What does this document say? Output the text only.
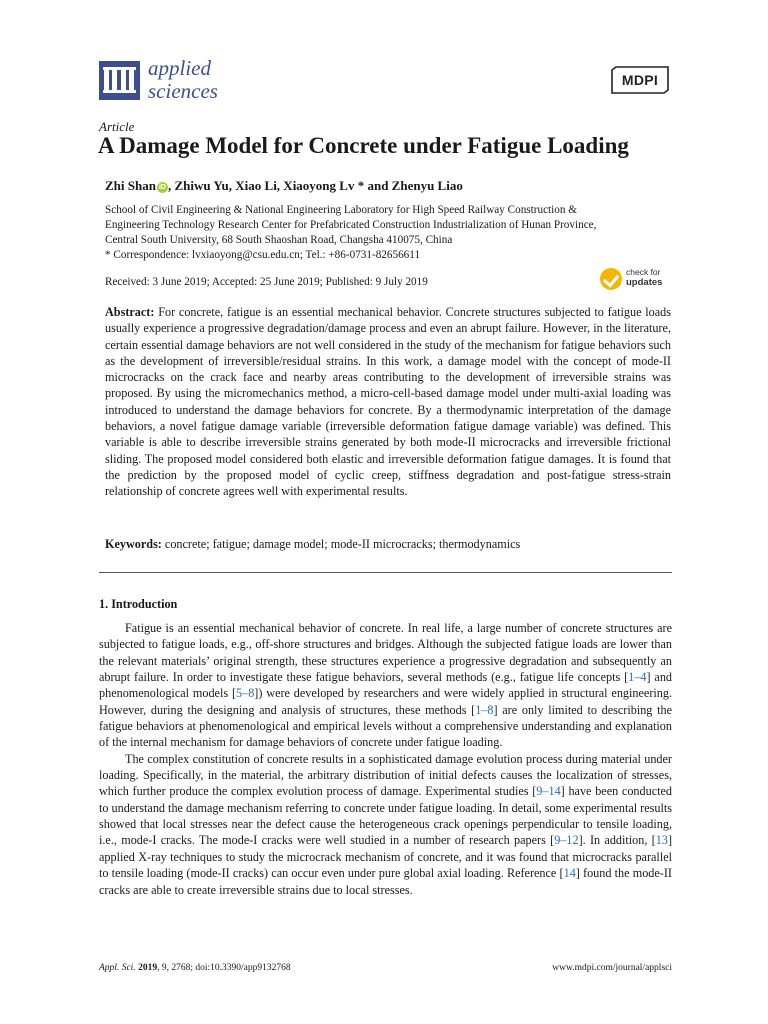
applied
sciences	MDPI
Article
A Damage Model for Concrete under Fatigue Loading
Zhi Shan iD , Zhiwu Yu, Xiao Li, Xiaoyong Lv * and Zhenyu Liao
School of Civil Engineering & National Engineering Laboratory for High Speed Railway Construction &
Engineering Technology Research Center for Prefabricated Construction Industrialization of Hunan Province,
Central South University, 68 South Shaoshan Road, Changsha 410075, China
* Correspondence: lvxiaoyong@csu.edu.cn; Tel.: +86-0731-82656611
Received: 3 June 2019; Accepted: 25 June 2019; Published: 9 July 2019
check for
updates
Abstract: For concrete, fatigue is an essential mechanical behavior. Concrete structures subjected to fatigue loads usually experience a progressive degradation/damage process and even an abrupt failure. However, in the literature, certain essential damage behaviors are not well considered in the study of the mechanism for fatigue behaviors such as the development of irreversible/residual strains. In this work, a damage model with the concept of mode-II microcracks on the crack face and nearby areas contributing to the development of irreversible strains was proposed. By using the micromechanics method, a micro-cell-based damage model under multi-axial loading was introduced to understand the damage behaviors for concrete. By a thermodynamic interpretation of the damage behaviors, a novel fatigue damage variable (irreversible deformation fatigue damage variable) was defined. This variable is able to describe irreversible strains generated by both mode-II microcracks and irreversible frictional sliding. The proposed model considered both elastic and irreversible deformation fatigue damages. It is found that the prediction by the proposed model of cyclic creep, stiffness degradation and post-fatigue stress-strain relationship of concrete agrees well with experimental results.
Keywords: concrete; fatigue; damage model; mode-II microcracks; thermodynamics
1. Introduction

Fatigue is an essential mechanical behavior of concrete. In real life, a large number of concrete structures are subjected to fatigue loads, e.g., off-shore structures and bridges. Although the subjected fatigue loads are lower than the relevant materials’ original strength, these structures experience a progressive degradation and subsequently an abrupt failure. In order to investigate these fatigue behaviors, several methods (e.g., fatigue life concepts [1–4] and phenomenological models [5–8]) were developed by researchers and were widely applied in structural engineering. However, during the designing and analysis of structures, these methods [1–8] are only limited to describing the fatigue behaviors at phenomenological and empirical levels without a comprehensive understanding and explanation of the internal mechanism for damage behaviors of concrete under fatigue loading.

The complex constitution of concrete results in a sophisticated damage evolution process during material under loading. Specifically, in the material, the arbitrary distribution of initial defects causes the localization of stresses, which further produce the complex evolution process of damage. Experimental studies [9–14] have been conducted to understand the damage mechanism referring to concrete under fatigue loading. In detail, some experimental results showed that local stresses near the defect cause the heterogeneous crack openings perpendicular to tensile loading, i.e., mode-I cracks. The mode-I cracks were well studied in a number of research papers [9–12]. In addition, [13] applied X-ray techniques to study the microcrack mechanism of concrete, and it was found that microcracks parallel to tensile loading (mode-II cracks) can occur even under pure global axial loading. Reference [14] found the mode-II cracks are able to create irreversible strains due to local stresses.

Appl. Sci. 2019, 9, 2768; doi:10.3390/app9132768	www.mdpi.com/journal/applsci
